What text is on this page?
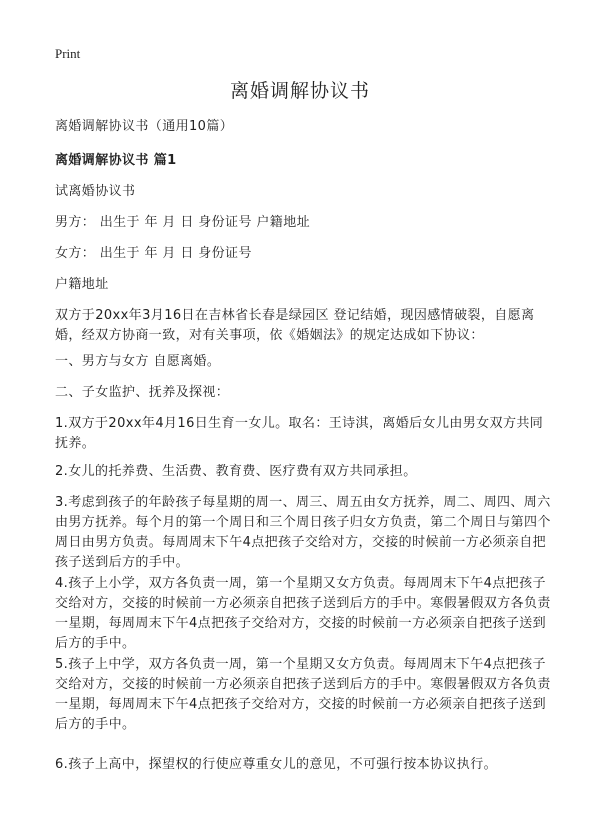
Print
离婚调解协议书

离婚调解协议书（通用10篇）

离婚调解协议书 篇1

试离婚协议书

男方： 出生于 年 月 日 身份证号 户籍地址

女方： 出生于 年 月 日 身份证号

户籍地址

双方于20xx年3月16日在吉林省长春是绿园区 登记结婚，现因感情破裂，自愿离婚，经双方协商一致，对有关事项，依《婚姻法》的规定达成如下协议：

一、男方与女方 自愿离婚。

二、子女监护、抚养及探视：

1.双方于20xx年4月16日生育一女儿。取名：王诗淇，离婚后女儿由男女双方共同抚养。

2.女儿的托养费、生活费、教育费、医疗费有双方共同承担。

3.考虑到孩子的年龄孩子每星期的周一、周三、周五由女方抚养，周二、周四、周六由男方抚养。每个月的第一个周日和三个周日孩子归女方负责，第二个周日与第四个周日由男方负责。每周周末下午4点把孩子交给对方，交接的时候前一方必须亲自把孩子送到后方的手中。

4.孩子上小学，双方各负责一周，第一个星期又女方负责。每周周末下午4点把孩子交给对方，交接的时候前一方必须亲自把孩子送到后方的手中。寒假暑假双方各负责一星期，每周周末下午4点把孩子交给对方，交接的时候前一方必须亲自把孩子送到后方的手中。

5.孩子上中学，双方各负责一周，第一个星期又女方负责。每周周末下午4点把孩子交给对方，交接的时候前一方必须亲自把孩子送到后方的手中。寒假暑假双方各负责一星期，每周周末下午4点把孩子交给对方，交接的时候前一方必须亲自把孩子送到后方的手中。

6.孩子上高中，探望权的行使应尊重女儿的意见，不可强行按本协议执行。
